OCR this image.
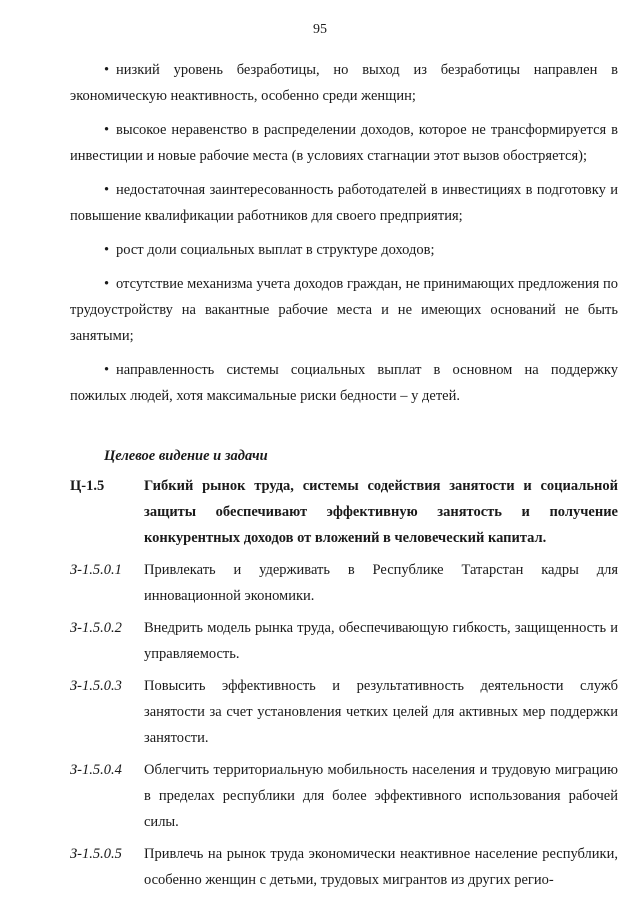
95

• низкий уровень безработицы, но выход из безработицы направлен в экономическую неактивность, особенно среди женщин;

• высокое неравенство в распределении доходов, которое не трансформируется в инвестиции и новые рабочие места (в условиях стагнации этот вызов обостряется);

• недостаточная заинтересованность работодателей в инвестициях в подготовку и повышение квалификации работников для своего предприятия;

• рост доли социальных выплат в структуре доходов;

• отсутствие механизма учета доходов граждан, не принимающих предложения по трудоустройству на вакантные рабочие места и не имеющих оснований не быть занятыми;

• направленность системы социальных выплат в основном на поддержку пожилых людей, хотя максимальные риски бедности – у детей.

Целевое видение и задачи
Ц-1.5	Гибкий рынок труда, системы содействия занятости и социальной защиты обеспечивают эффективную занятость и получение конкурентных доходов от вложений в человеческий капитал.
З-1.5.0.1	Привлекать и удерживать в Республике Татарстан кадры для инновационной экономики.
З-1.5.0.2	Внедрить модель рынка труда, обеспечивающую гибкость, защищенность и управляемость.
З-1.5.0.3	Повысить эффективность и результативность деятельности служб занятости за счет установления четких целей для активных мер поддержки занятости.
З-1.5.0.4	Облегчить территориальную мобильность населения и трудовую миграцию в пределах республики для более эффективного использования рабочей силы.
З-1.5.0.5	Привлечь на рынок труда экономически неактивное население республики, особенно женщин с детьми, трудовых мигрантов из других регио-
